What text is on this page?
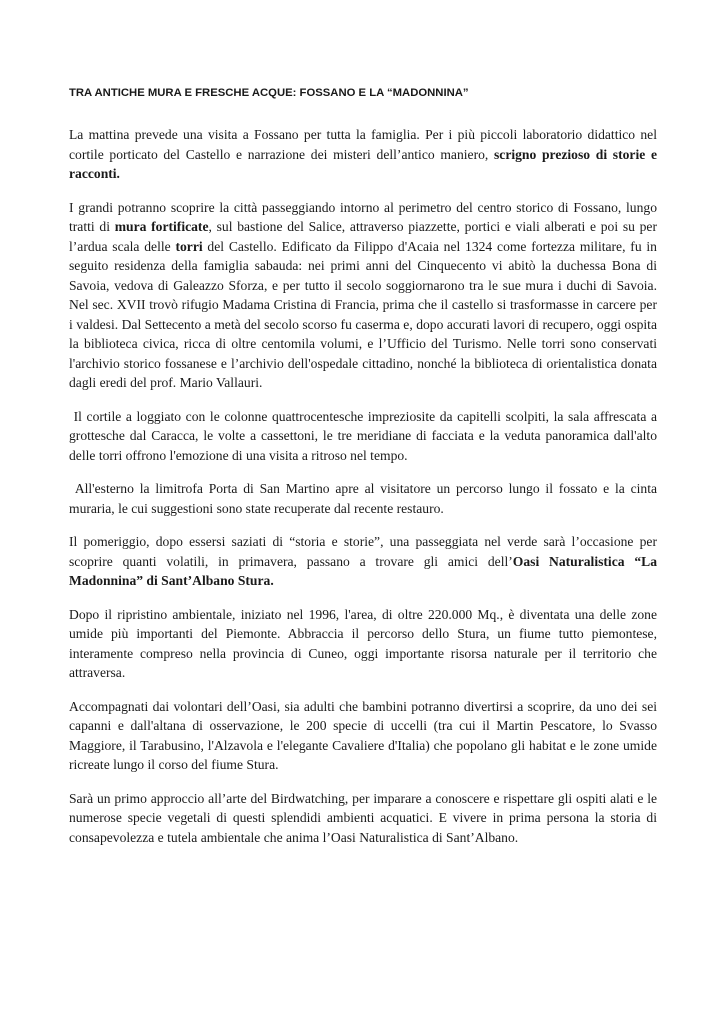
TRA ANTICHE MURA E FRESCHE ACQUE: FOSSANO E LA “MADONNINA”

La mattina prevede una visita a Fossano per tutta la famiglia. Per i più piccoli laboratorio didattico nel cortile porticato del Castello e narrazione dei misteri dell’antico maniero, scrigno prezioso di storie e racconti.

I grandi potranno scoprire la città passeggiando intorno al perimetro del centro storico di Fossano, lungo tratti di mura fortificate, sul bastione del Salice, attraverso piazzette, portici e viali alberati e poi su per l’ardua scala delle torri del Castello. Edificato da Filippo d'Acaia nel 1324 come fortezza militare, fu in seguito residenza della famiglia sabauda: nei primi anni del Cinquecento vi abitò la duchessa Bona di Savoia, vedova di Galeazzo Sforza, e per tutto il secolo soggiornarono tra le sue mura i duchi di Savoia. Nel sec. XVII trovò rifugio Madama Cristina di Francia, prima che il castello si trasformasse in carcere per i valdesi. Dal Settecento a metà del secolo scorso fu caserma e, dopo accurati lavori di recupero, oggi ospita la biblioteca civica, ricca di oltre centomila volumi, e l’Ufficio del Turismo. Nelle torri sono conservati l'archivio storico fossanese e l’archivio dell'ospedale cittadino, nonché la biblioteca di orientalistica donata dagli eredi del prof. Mario Vallauri.

Il cortile a loggiato con le colonne quattrocentesche impreziosite da capitelli scolpiti, la sala affrescata a grottesche dal Caracca, le volte a cassettoni, le tre meridiane di facciata e la veduta panoramica dall'alto delle torri offrono l'emozione di una visita a ritroso nel tempo.

All'esterno la limitrofa Porta di San Martino apre al visitatore un percorso lungo il fossato e la cinta muraria, le cui suggestioni sono state recuperate dal recente restauro.

Il pomeriggio, dopo essersi saziati di “storia e storie”, una passeggiata nel verde sarà l’occasione per scoprire quanti volatili, in primavera, passano a trovare gli amici dell’Oasi Naturalistica “La Madonnina” di Sant’Albano Stura.

Dopo il ripristino ambientale, iniziato nel 1996, l'area, di oltre 220.000 Mq., è diventata una delle zone umide più importanti del Piemonte. Abbraccia il percorso dello Stura, un fiume tutto piemontese, interamente compreso nella provincia di Cuneo, oggi importante risorsa naturale per il territorio che attraversa.

Accompagnati dai volontari dell’Oasi, sia adulti che bambini potranno divertirsi a scoprire, da uno dei sei capanni e dall'altana di osservazione, le 200 specie di uccelli (tra cui il Martin Pescatore, lo Svasso Maggiore, il Tarabusino, l'Alzavola e l'elegante Cavaliere d'Italia) che popolano gli habitat e le zone umide ricreate lungo il corso del fiume Stura.

Sarà un primo approccio all’arte del Birdwatching, per imparare a conoscere e rispettare gli ospiti alati e le numerose specie vegetali di questi splendidi ambienti acquatici. E vivere in prima persona la storia di consapevolezza e tutela ambientale che anima l’Oasi Naturalistica di Sant’Albano.
